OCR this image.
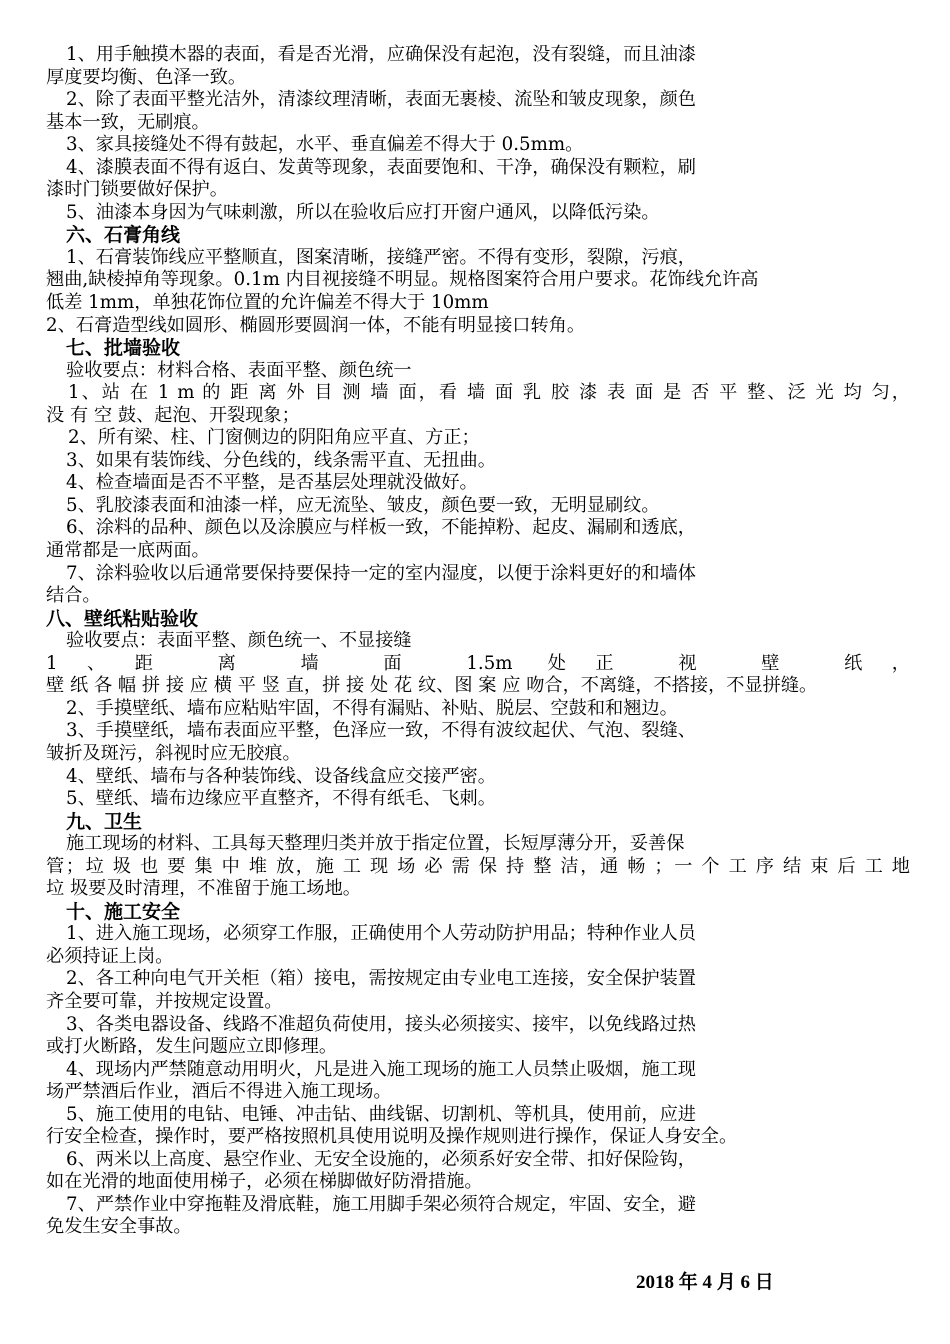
1、用手触摸木器的表面，看是否光滑，应确保没有起泡，没有裂缝，而且油漆
厚度要均衡、色泽一致。
2、除了表面平整光洁外，清漆纹理清晰，表面无裹棱、流坠和皱皮现象，颜色
基本一致，无刷痕。
3、家具接缝处不得有鼓起，水平、垂直偏差不得大于 0.5mm。
4、漆膜表面不得有返白、发黄等现象，表面要饱和、干净，确保没有颗粒，刷
漆时门锁要做好保护。
5、油漆本身因为气味刺激，所以在验收后应打开窗户通风，以降低污染。
六、石膏角线
1、石膏装饰线应平整顺直，图案清晰，接缝严密。不得有变形，裂隙，污痕，
翘曲,缺棱掉角等现象。0.1m 内目视接缝不明显。规格图案符合用户要求。花饰线允许高
低差 1mm，单独花饰位置的允许偏差不得大于 10mm
2、石膏造型线如圆形、椭圆形要圆润一体，不能有明显接口转角。
七、批墙验收
验收要点：材料合格、表面平整、颜色统一
1、站 在 1 m 的 距 离 外 目 测 墙 面，看 墙 面 乳 胶 漆 表 面 是 否 平 整、泛 光 均 匀，
没 有 空 鼓、起泡、开裂现象；
2、所有梁、柱、门窗侧边的阴阳角应平直、方正；
3、如果有装饰线、分色线的，线条需平直、无扭曲。
4、检查墙面是否不平整，是否基层处理就没做好。
5、乳胶漆表面和油漆一样，应无流坠、皱皮，颜色要一致，无明显刷纹。
6、涂料的品种、颜色以及涂膜应与样板一致，不能掉粉、起皮、漏刷和透底，
通常都是一底两面。
7、涂料验收以后通常要保持要保持一定的室内湿度，以便于涂料更好的和墙体
结合。
八、壁纸粘贴验收
验收要点：表面平整、颜色统一、不显接缝
1、距 离 墙 面 1.5m 处正 视 壁 纸，
壁 纸 各 幅 拼 接 应 横 平 竖 直，拼 接 处 花 纹、图 案 应 吻合，不离缝，不搭接，不显拼缝。
2、手摸壁纸、墙布应粘贴牢固，不得有漏贴、补贴、脱层、空鼓和和翘边。
3、手摸壁纸，墙布表面应平整，色泽应一致，不得有波纹起伏、气泡、裂缝、
皱折及斑污，斜视时应无胶痕。
4、壁纸、墙布与各种装饰线、设备线盒应交接严密。
5、壁纸、墙布边缘应平直整齐，不得有纸毛、飞刺。
九、卫生
施工现场的材料、工具每天整理归类并放于指定位置，长短厚薄分开，妥善保
管；垃 圾 也 要 集 中 堆 放，施 工 现 场 必 需 保 持 整 洁，通 畅 ；一 个 工 序 结 束 后 工 地
垃 圾要及时清理，不准留于施工场地。
十、施工安全
1、进入施工现场，必须穿工作服，正确使用个人劳动防护用品；特种作业人员
必须持证上岗。
2、各工种向电气开关柜（箱）接电，需按规定由专业电工连接，安全保护装置
齐全要可靠，并按规定设置。
3、各类电器设备、线路不准超负荷使用，接头必须接实、接牢，以免线路过热
或打火断路，发生问题应立即修理。
4、现场内严禁随意动用明火，凡是进入施工现场的施工人员禁止吸烟，施工现
场严禁酒后作业，酒后不得进入施工现场。
5、施工使用的电钻、电锤、冲击钻、曲线锯、切割机、等机具，使用前，应进
行安全检查，操作时，要严格按照机具使用说明及操作规则进行操作，保证人身安全。
6、两米以上高度、悬空作业、无安全设施的，必须系好安全带、扣好保险钩，
如在光滑的地面使用梯子，必须在梯脚做好防滑措施。
7、严禁作业中穿拖鞋及滑底鞋，施工用脚手架必须符合规定，牢固、安全，避
免发生安全事故。
2018 年 4 月 6 日
